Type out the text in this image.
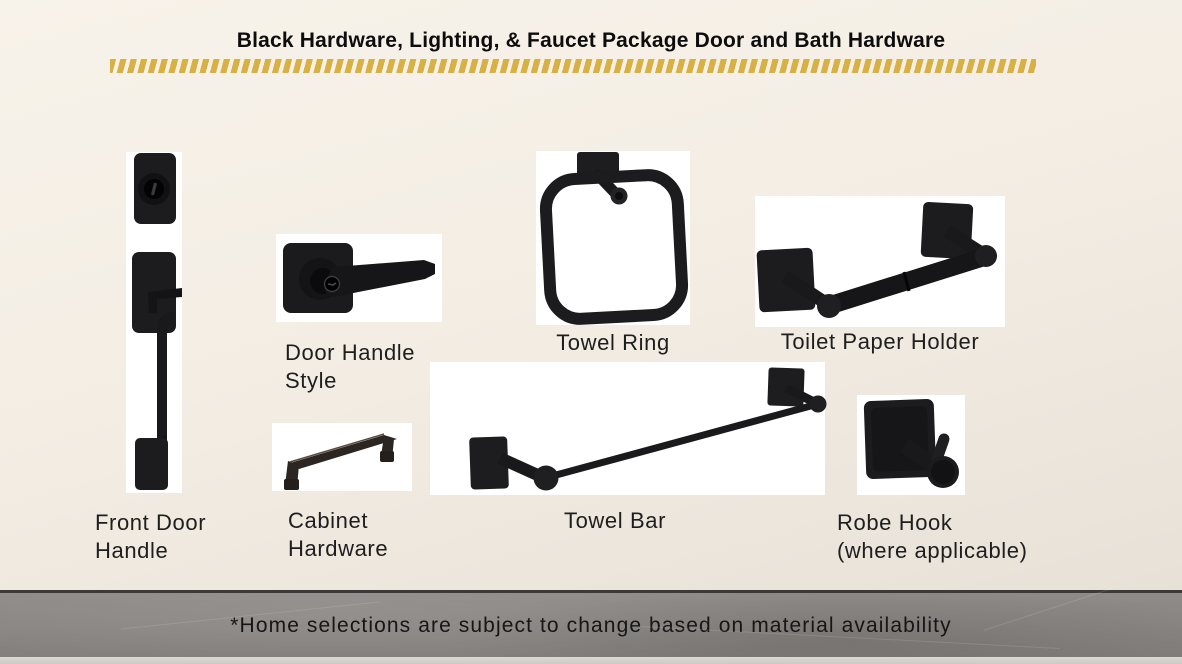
Black Hardware, Lighting, & Faucet Package Door and Bath Hardware
Front Door
Handle
Door Handle
Style
Towel Ring	Toilet Paper Holder
Cabinet
Hardware
Towel Bar	Robe Hook
(where applicable)
*Home selections are subject to change based on material availability
